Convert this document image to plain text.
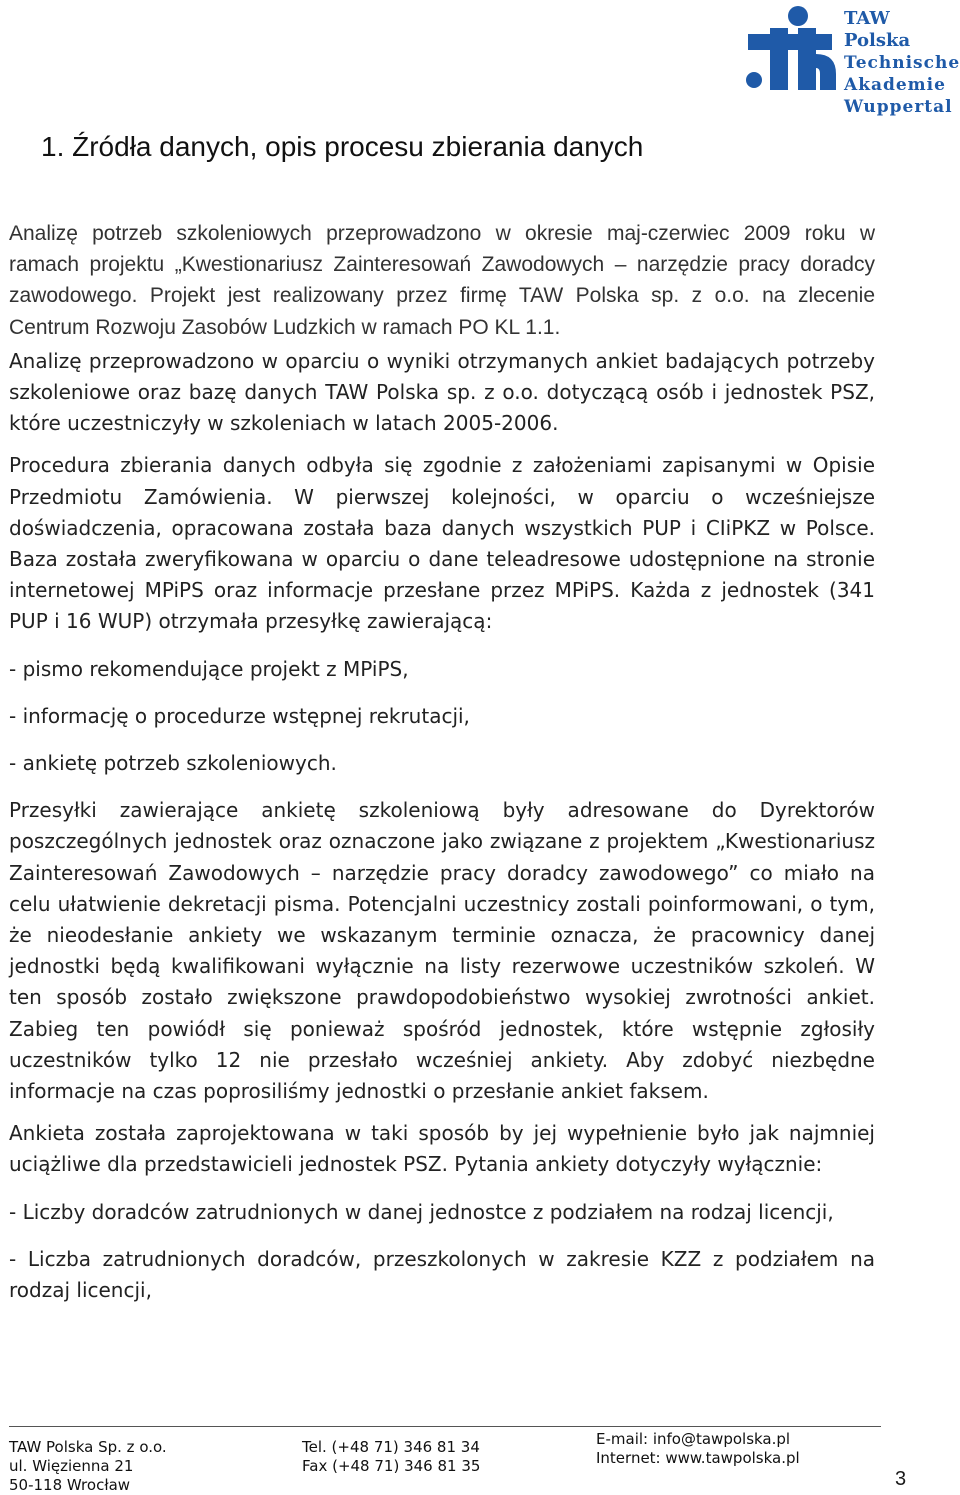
TAW Polska
Technische
Akademie
Wuppertal
1. Źródła danych, opis procesu zbierania danych

Analizę potrzeb szkoleniowych przeprowadzono w okresie maj-czerwiec 2009 roku w ramach projektu „Kwestionariusz Zainteresowań Zawodowych – narzędzie pracy doradcy zawodowego. Projekt jest realizowany przez firmę TAW Polska sp. z o.o. na zlecenie Centrum Rozwoju Zasobów Ludzkich w ramach PO KL 1.1.

Analizę przeprowadzono w oparciu o wyniki otrzymanych ankiet badających potrzeby szkoleniowe oraz bazę danych TAW Polska sp. z o.o. dotyczącą osób i jednostek PSZ, które uczestniczyły w szkoleniach w latach 2005-2006.

Procedura zbierania danych odbyła się zgodnie z założeniami zapisanymi w Opisie Przedmiotu Zamówienia. W pierwszej kolejności, w oparciu o wcześniejsze doświadczenia, opracowana została baza danych wszystkich PUP i CIiPKZ w Polsce. Baza została zweryfikowana w oparciu o dane teleadresowe udostępnione na stronie internetowej MPiPS oraz informacje przesłane przez MPiPS. Każda z jednostek (341 PUP i 16 WUP) otrzymała przesyłkę zawierającą:

- pismo rekomendujące projekt z MPiPS,

- informację o procedurze wstępnej rekrutacji,

- ankietę potrzeb szkoleniowych.

Przesyłki zawierające ankietę szkoleniową były adresowane do Dyrektorów poszczególnych jednostek oraz oznaczone jako związane z projektem „Kwestionariusz Zainteresowań Zawodowych – narzędzie pracy doradcy zawodowego” co miało na celu ułatwienie dekretacji pisma. Potencjalni uczestnicy zostali poinformowani, o tym, że nieodesłanie ankiety we wskazanym terminie oznacza, że pracownicy danej jednostki będą kwalifikowani wyłącznie na listy rezerwowe uczestników szkoleń. W ten sposób zostało zwiększone prawdopodobieństwo wysokiej zwrotności ankiet. Zabieg ten powiódł się ponieważ spośród jednostek, które wstępnie zgłosiły uczestników tylko 12 nie przesłało wcześniej ankiety. Aby zdobyć niezbędne informacje na czas poprosiliśmy jednostki o przesłanie ankiet faksem.

Ankieta została zaprojektowana w taki sposób by jej wypełnienie było jak najmniej uciążliwe dla przedstawicieli jednostek PSZ. Pytania ankiety dotyczyły wyłącznie:

- Liczby doradców zatrudnionych w danej jednostce z podziałem na rodzaj licencji,

- Liczba zatrudnionych doradców, przeszkolonych w zakresie KZZ z podziałem na rodzaj licencji,

TAW Polska Sp. z o.o.
ul. Więzienna 21
50-118 Wrocław
Tel. (+48 71) 346 81 34
Fax (+48 71) 346 81 35
E-mail: info@tawpolska.pl
Internet: www.tawpolska.pl
3
